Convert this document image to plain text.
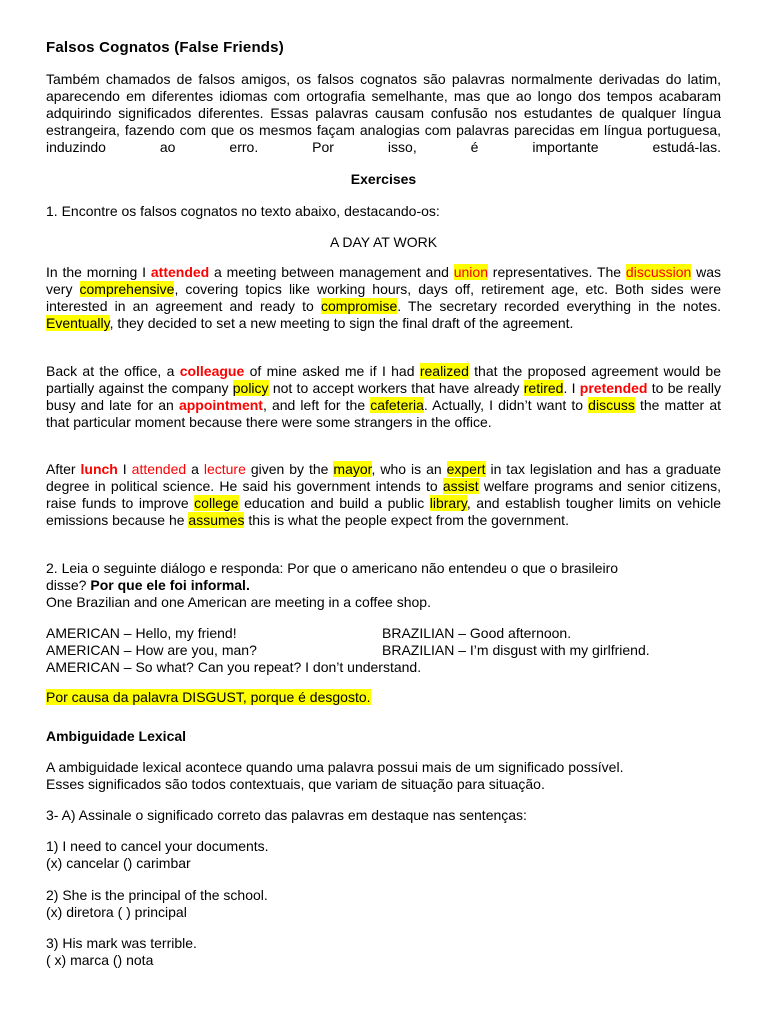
Falsos Cognatos (False Friends)

Também chamados de falsos amigos, os falsos cognatos são palavras normalmente derivadas do latim, aparecendo em diferentes idiomas com ortografia semelhante, mas que ao longo dos tempos acabaram adquirindo significados diferentes. Essas palavras causam confusão nos estudantes de qualquer língua estrangeira, fazendo com que os mesmos façam analogias com palavras parecidas em língua portuguesa, induzindo ao erro. Por isso, é importante estudá-las.

Exercises
1. Encontre os falsos cognatos no texto abaixo, destacando-os:
A DAY AT WORK

In the morning I attended a meeting between management and union representatives. The discussion was very comprehensive, covering topics like working hours, days off, retirement age, etc. Both sides were interested in an agreement and ready to compromise. The secretary recorded everything in the notes. Eventually, they decided to set a new meeting to sign the final draft of the agreement.

Back at the office, a colleague of mine asked me if I had realized that the proposed agreement would be partially against the company policy not to accept workers that have already retired. I pretended to be really busy and late for an appointment, and left for the cafeteria. Actually, I didn’t want to discuss the matter at that particular moment because there were some strangers in the office.

After lunch I attended a lecture given by the mayor, who is an expert in tax legislation and has a graduate degree in political science. He said his government intends to assist welfare programs and senior citizens, raise funds to improve college education and build a public library, and establish tougher limits on vehicle emissions because he assumes this is what the people expect from the government.

2. Leia o seguinte diálogo e responda: Por que o americano não entendeu o que o brasileiro
disse? Por que ele foi informal.
One Brazilian and one American are meeting in a coffee shop.
AMERICAN – Hello, my friend!	BRAZILIAN – Good afternoon.
AMERICAN – How are you, man?	BRAZILIAN – I’m disgust with my girlfriend.
AMERICAN – So what? Can you repeat? I don’t understand.
Por causa da palavra DISGUST, porque é desgosto.
Ambiguidade Lexical
A ambiguidade lexical acontece quando uma palavra possui mais de um significado possível.
Esses significados são todos contextuais, que variam de situação para situação.
3- A) Assinale o significado correto das palavras em destaque nas sentenças:
1) I need to cancel your documents.
(x) cancelar () carimbar
2) She is the principal of the school.
(x) diretora ( ) principal
3) His mark was terrible.
( x) marca () nota
